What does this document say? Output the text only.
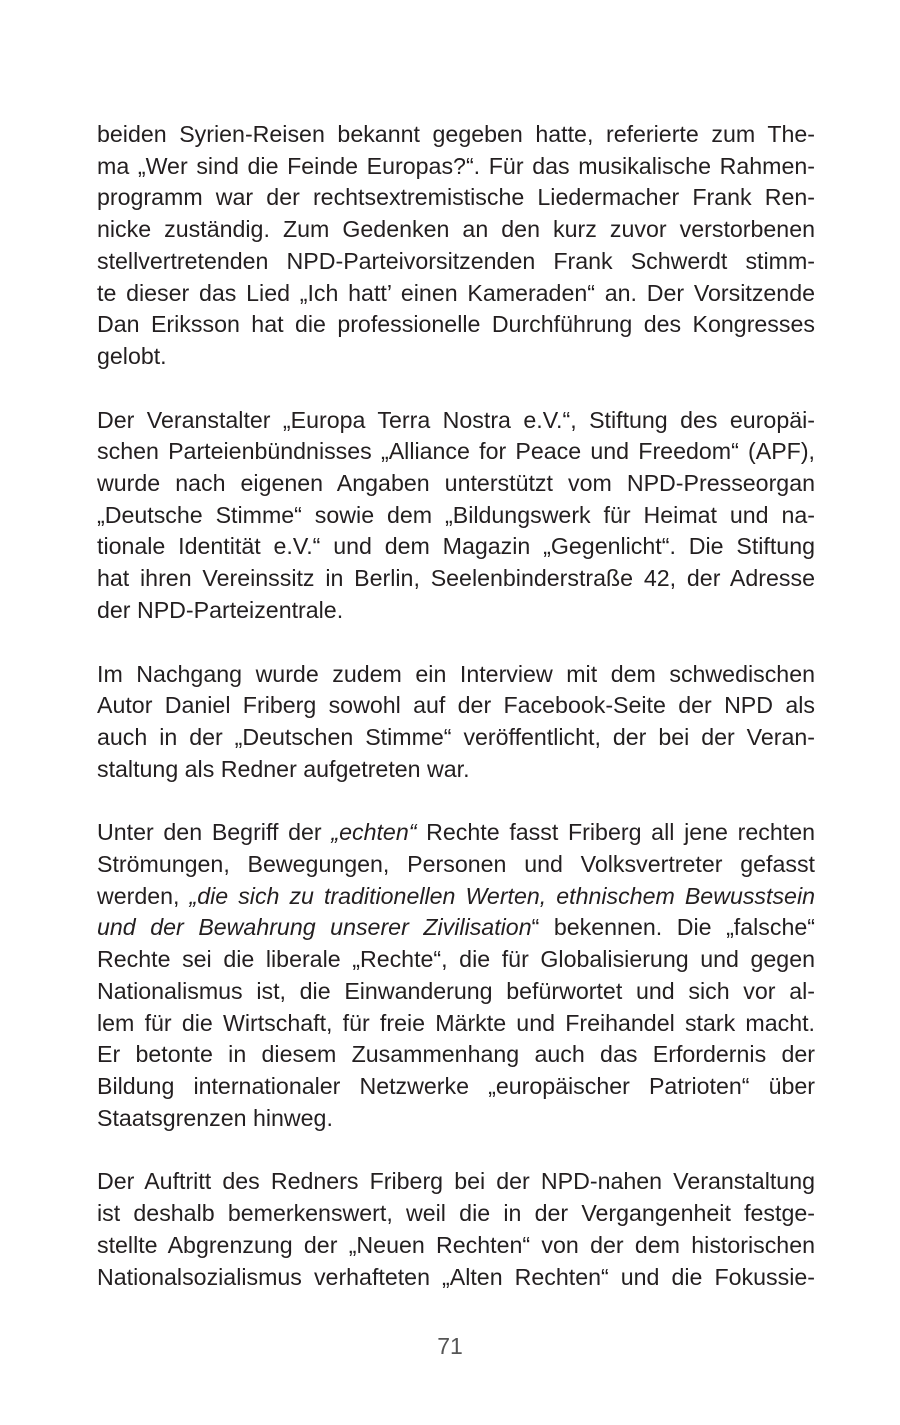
beiden Syrien-Reisen bekannt gegeben hatte, referierte zum The-
ma „Wer sind die Feinde Europas?“. Für das musikalische Rahmen-
programm war der rechtsextremistische Liedermacher Frank Ren-
nicke zuständig. Zum Gedenken an den kurz zuvor verstorbenen
stellvertretenden NPD-Parteivorsitzenden Frank Schwerdt stimm-
te dieser das Lied „Ich hatt’ einen Kameraden“ an. Der Vorsitzende
Dan Eriksson hat die professionelle Durchführung des Kongresses
gelobt.

Der Veranstalter „Europa Terra Nostra e.V.“, Stiftung des europäi-
schen Parteienbündnisses „Alliance for Peace und Freedom“ (APF),
wurde nach eigenen Angaben unterstützt vom NPD-Presseorgan
„Deutsche Stimme“ sowie dem „Bildungswerk für Heimat und na-
tionale Identität e.V.“ und dem Magazin „Gegenlicht“. Die Stiftung
hat ihren Vereinssitz in Berlin, Seelenbinderstraße 42, der Adresse
der NPD-Parteizentrale.

Im Nachgang wurde zudem ein Interview mit dem schwedischen
Autor Daniel Friberg sowohl auf der Facebook-Seite der NPD als
auch in der „Deutschen Stimme“ veröffentlicht, der bei der Veran-
staltung als Redner aufgetreten war.

Unter den Begriff der „echten“ Rechte fasst Friberg all jene rechten
Strömungen, Bewegungen, Personen und Volksvertreter gefasst
werden, „die sich zu traditionellen Werten, ethnischem Bewusstsein
und der Bewahrung unserer Zivilisation“ bekennen. Die „falsche“
Rechte sei die liberale „Rechte“, die für Globalisierung und gegen
Nationalismus ist, die Einwanderung befürwortet und sich vor al-
lem für die Wirtschaft, für freie Märkte und Freihandel stark macht.
Er betonte in diesem Zusammenhang auch das Erfordernis der
Bildung internationaler Netzwerke „europäischer Patrioten“ über
Staatsgrenzen hinweg.

Der Auftritt des Redners Friberg bei der NPD-nahen Veranstaltung
ist deshalb bemerkenswert, weil die in der Vergangenheit festge-
stellte Abgrenzung der „Neuen Rechten“ von der dem historischen
Nationalsozialismus verhafteten „Alten Rechten“ und die Fokussie-

71
